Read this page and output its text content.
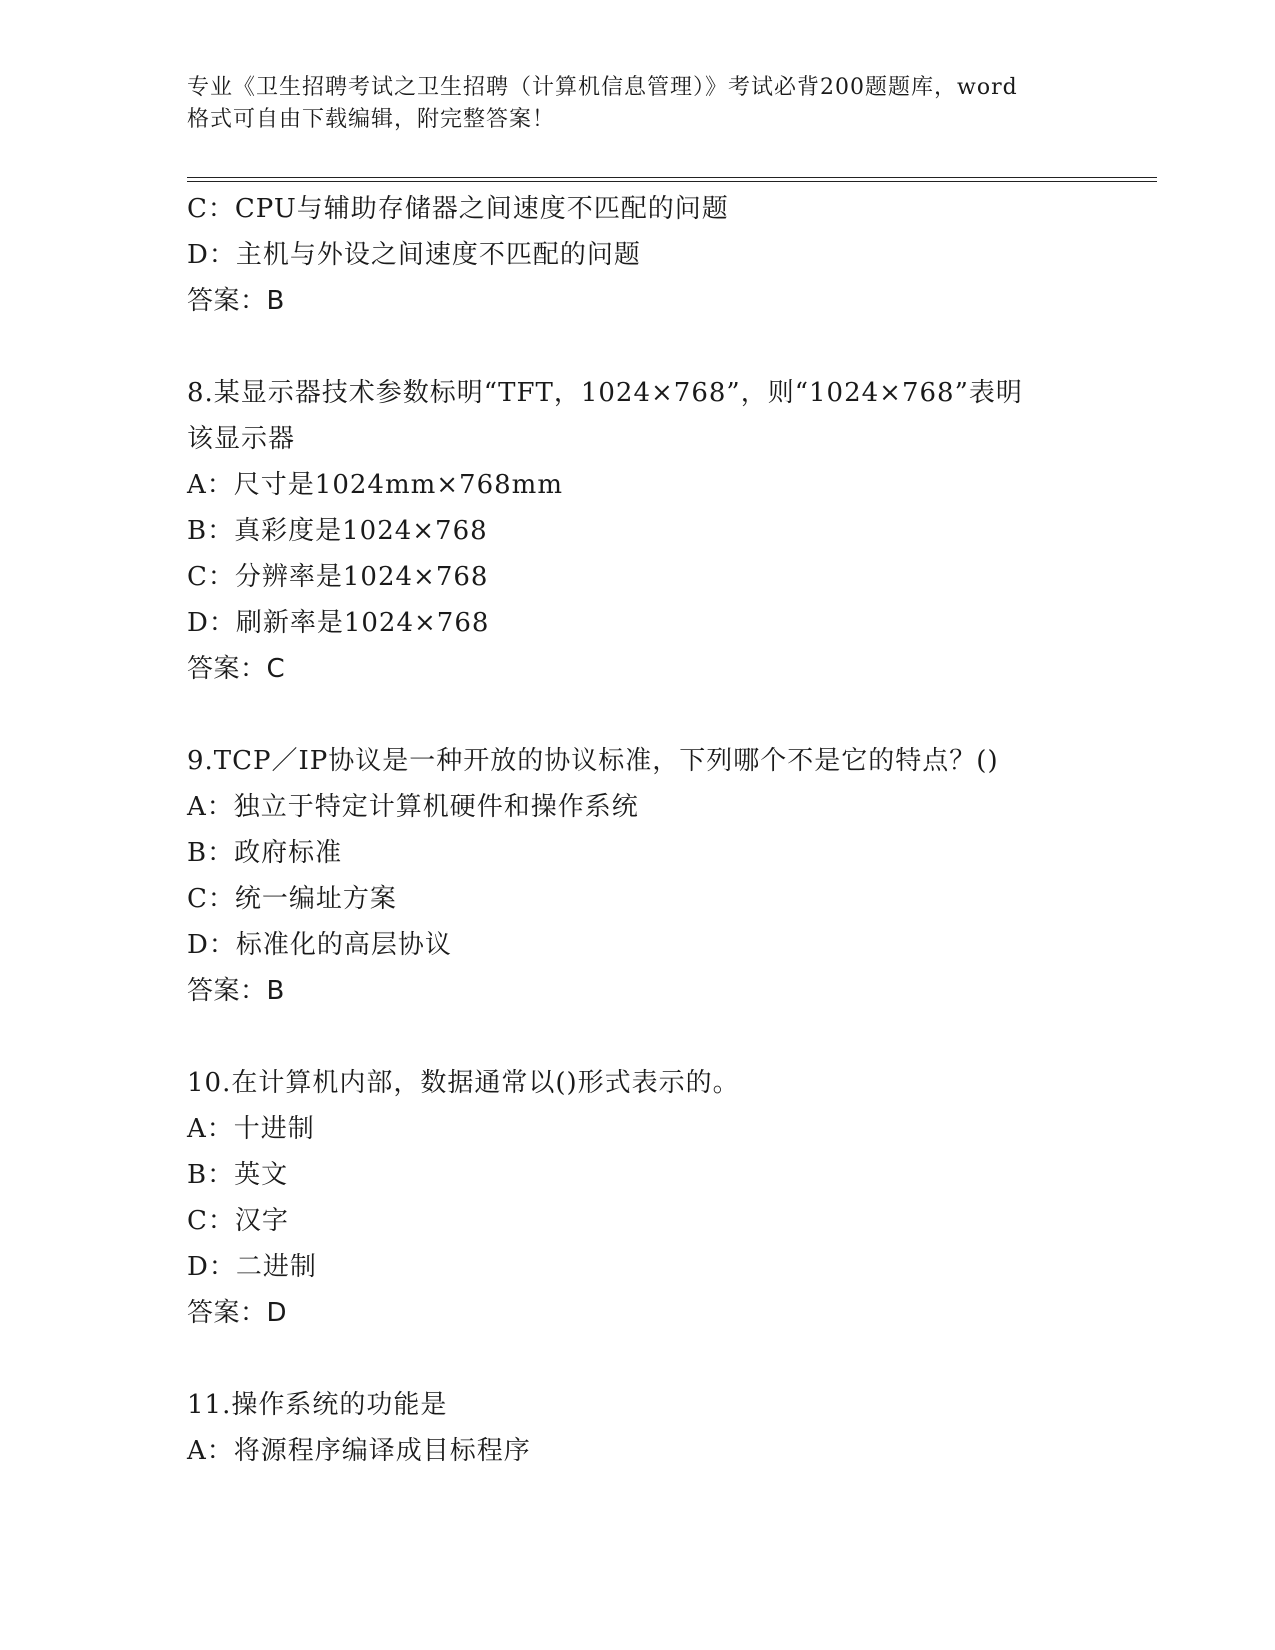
专业《卫生招聘考试之卫生招聘（计算机信息管理）》考试必背200题题库，word
格式可自由下载编辑，附完整答案！
C：CPU与辅助存储器之间速度不匹配的问题
D：主机与外设之间速度不匹配的问题
答案：B
8.某显示器技术参数标明“TFT，1024×768”，则“1024×768”表明
该显示器
A：尺寸是1024mm×768mm
B：真彩度是1024×768
C：分辨率是1024×768
D：刷新率是1024×768
答案：C
9.TCP／IP协议是一种开放的协议标准，下列哪个不是它的特点？()
A：独立于特定计算机硬件和操作系统
B：政府标准
C：统一编址方案
D：标准化的高层协议
答案：B
10.在计算机内部，数据通常以()形式表示的。
A：十进制
B：英文
C：汉字
D：二进制
答案：D
11.操作系统的功能是
A：将源程序编译成目标程序
